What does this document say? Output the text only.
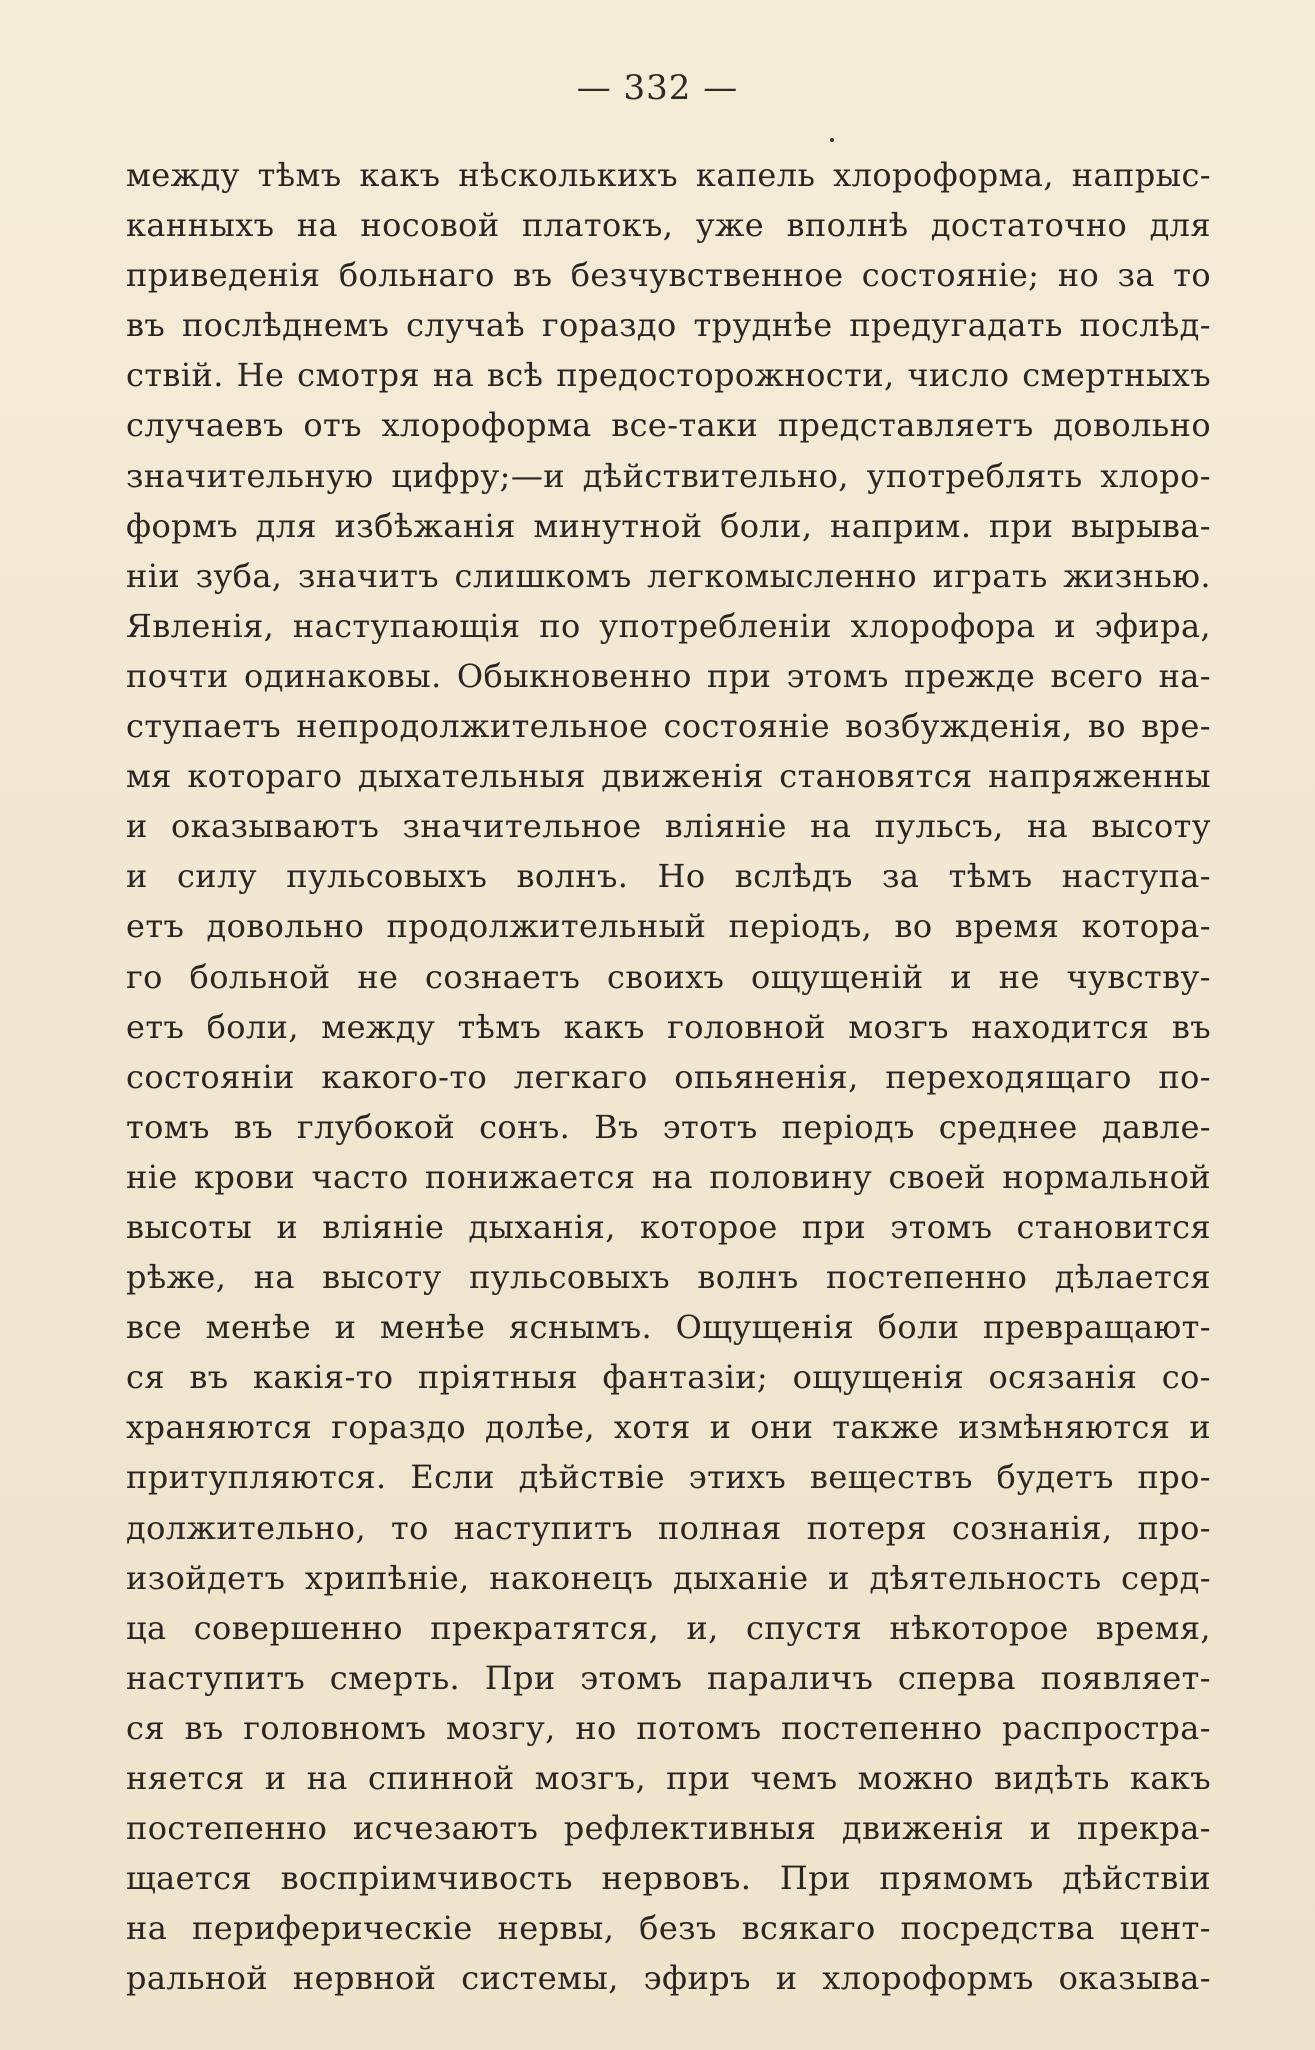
— 332 —
между тѣмъ какъ нѣсколькихъ капель хлороформа, напрыс-
канныхъ на носовой платокъ, уже вполнѣ достаточно для
приведенія больнаго въ безчувственное состояніе; но за то
въ послѣднемъ случаѣ гораздо труднѣе предугадать послѣд-
ствій. Не смотря на всѣ предосторожности, число смертныхъ
случаевъ отъ хлороформа все-таки представляетъ довольно
значительную цифру;—и дѣйствительно, употреблять хлоро-
формъ для избѣжанія минутной боли, наприм. при вырыва-
ніи зуба, значитъ слишкомъ легкомысленно играть жизнью.
Явленія, наступающія по употребленіи хлорофора и эфира,
почти одинаковы. Обыкновенно при этомъ прежде всего на-
ступаетъ непродолжительное состояніе возбужденія, во вре-
мя котораго дыхательныя движенія становятся напряженны
и оказываютъ значительное вліяніе на пульсъ, на высоту
и силу пульсовыхъ волнъ. Но вслѣдъ за тѣмъ наступа-
етъ довольно продолжительный періодъ, во время котора-
го больной не сознаетъ своихъ ощущеній и не чувству-
етъ боли, между тѣмъ какъ головной мозгъ находится въ
состояніи какого-то легкаго опьяненія, переходящаго по-
томъ въ глубокой сонъ. Въ этотъ періодъ среднее давле-
ніе крови часто понижается на половину своей нормальной
высоты и вліяніе дыханія, которое при этомъ становится
рѣже, на высоту пульсовыхъ волнъ постепенно дѣлается
все менѣе и менѣе яснымъ. Ощущенія боли превращают-
ся въ какія-то пріятныя фантазіи; ощущенія осязанія со-
храняются гораздо долѣе, хотя и они также измѣняются и
притупляются. Если дѣйствіе этихъ веществъ будетъ про-
должительно, то наступитъ полная потеря сознанія, про-
изойдетъ хрипѣніе, наконецъ дыханіе и дѣятельность серд-
ца совершенно прекратятся, и, спустя нѣкоторое время,
наступитъ смерть. При этомъ параличъ сперва появляет-
ся въ головномъ мозгу, но потомъ постепенно распростра-
няется и на спинной мозгъ, при чемъ можно видѣть какъ
постепенно исчезаютъ рефлективныя движенія и прекра-
щается воспріимчивость нервовъ. При прямомъ дѣйствіи
на периферическіе нервы, безъ всякаго посредства цент-
ральной нервной системы, эфиръ и хлороформъ оказыва-
